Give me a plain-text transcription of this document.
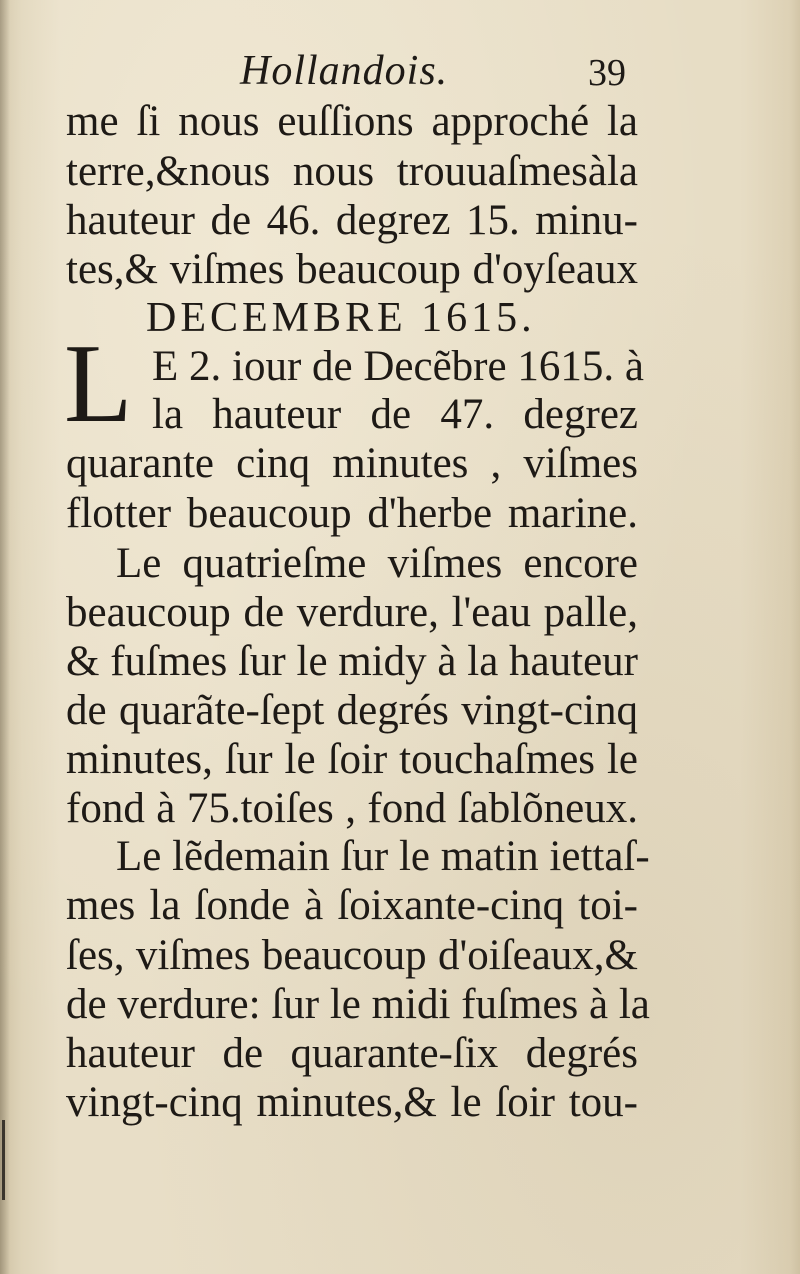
Hollandois.	39
me ſi nous euſſions approché la
terre,&nous nous trouuaſmesàla
hauteur de 46. degrez 15. minu-
tes,& viſmes beaucoup d'oyſeaux
DECEMBRE 1615.
L E 2. iour de Decẽbre 1615. à
la hauteur de 47. degrez
quarante cinq minutes , viſmes
flotter beaucoup d'herbe marine.
Le quatrieſme viſmes encore
beaucoup de verdure, l'eau palle,
& fuſmes ſur le midy à la hauteur
de quarãte-ſept degrés vingt-cinq
minutes, ſur le ſoir touchaſmes le
fond à 75.toiſes , fond ſablõneux.
Le lẽdemain ſur le matin iettaſ-
mes la ſonde à ſoixante-cinq toi-
ſes, viſmes beaucoup d'oiſeaux,&
de verdure: ſur le midi fuſmes à la
hauteur de quarante-ſix degrés
vingt-cinq minutes,& le ſoir tou-
